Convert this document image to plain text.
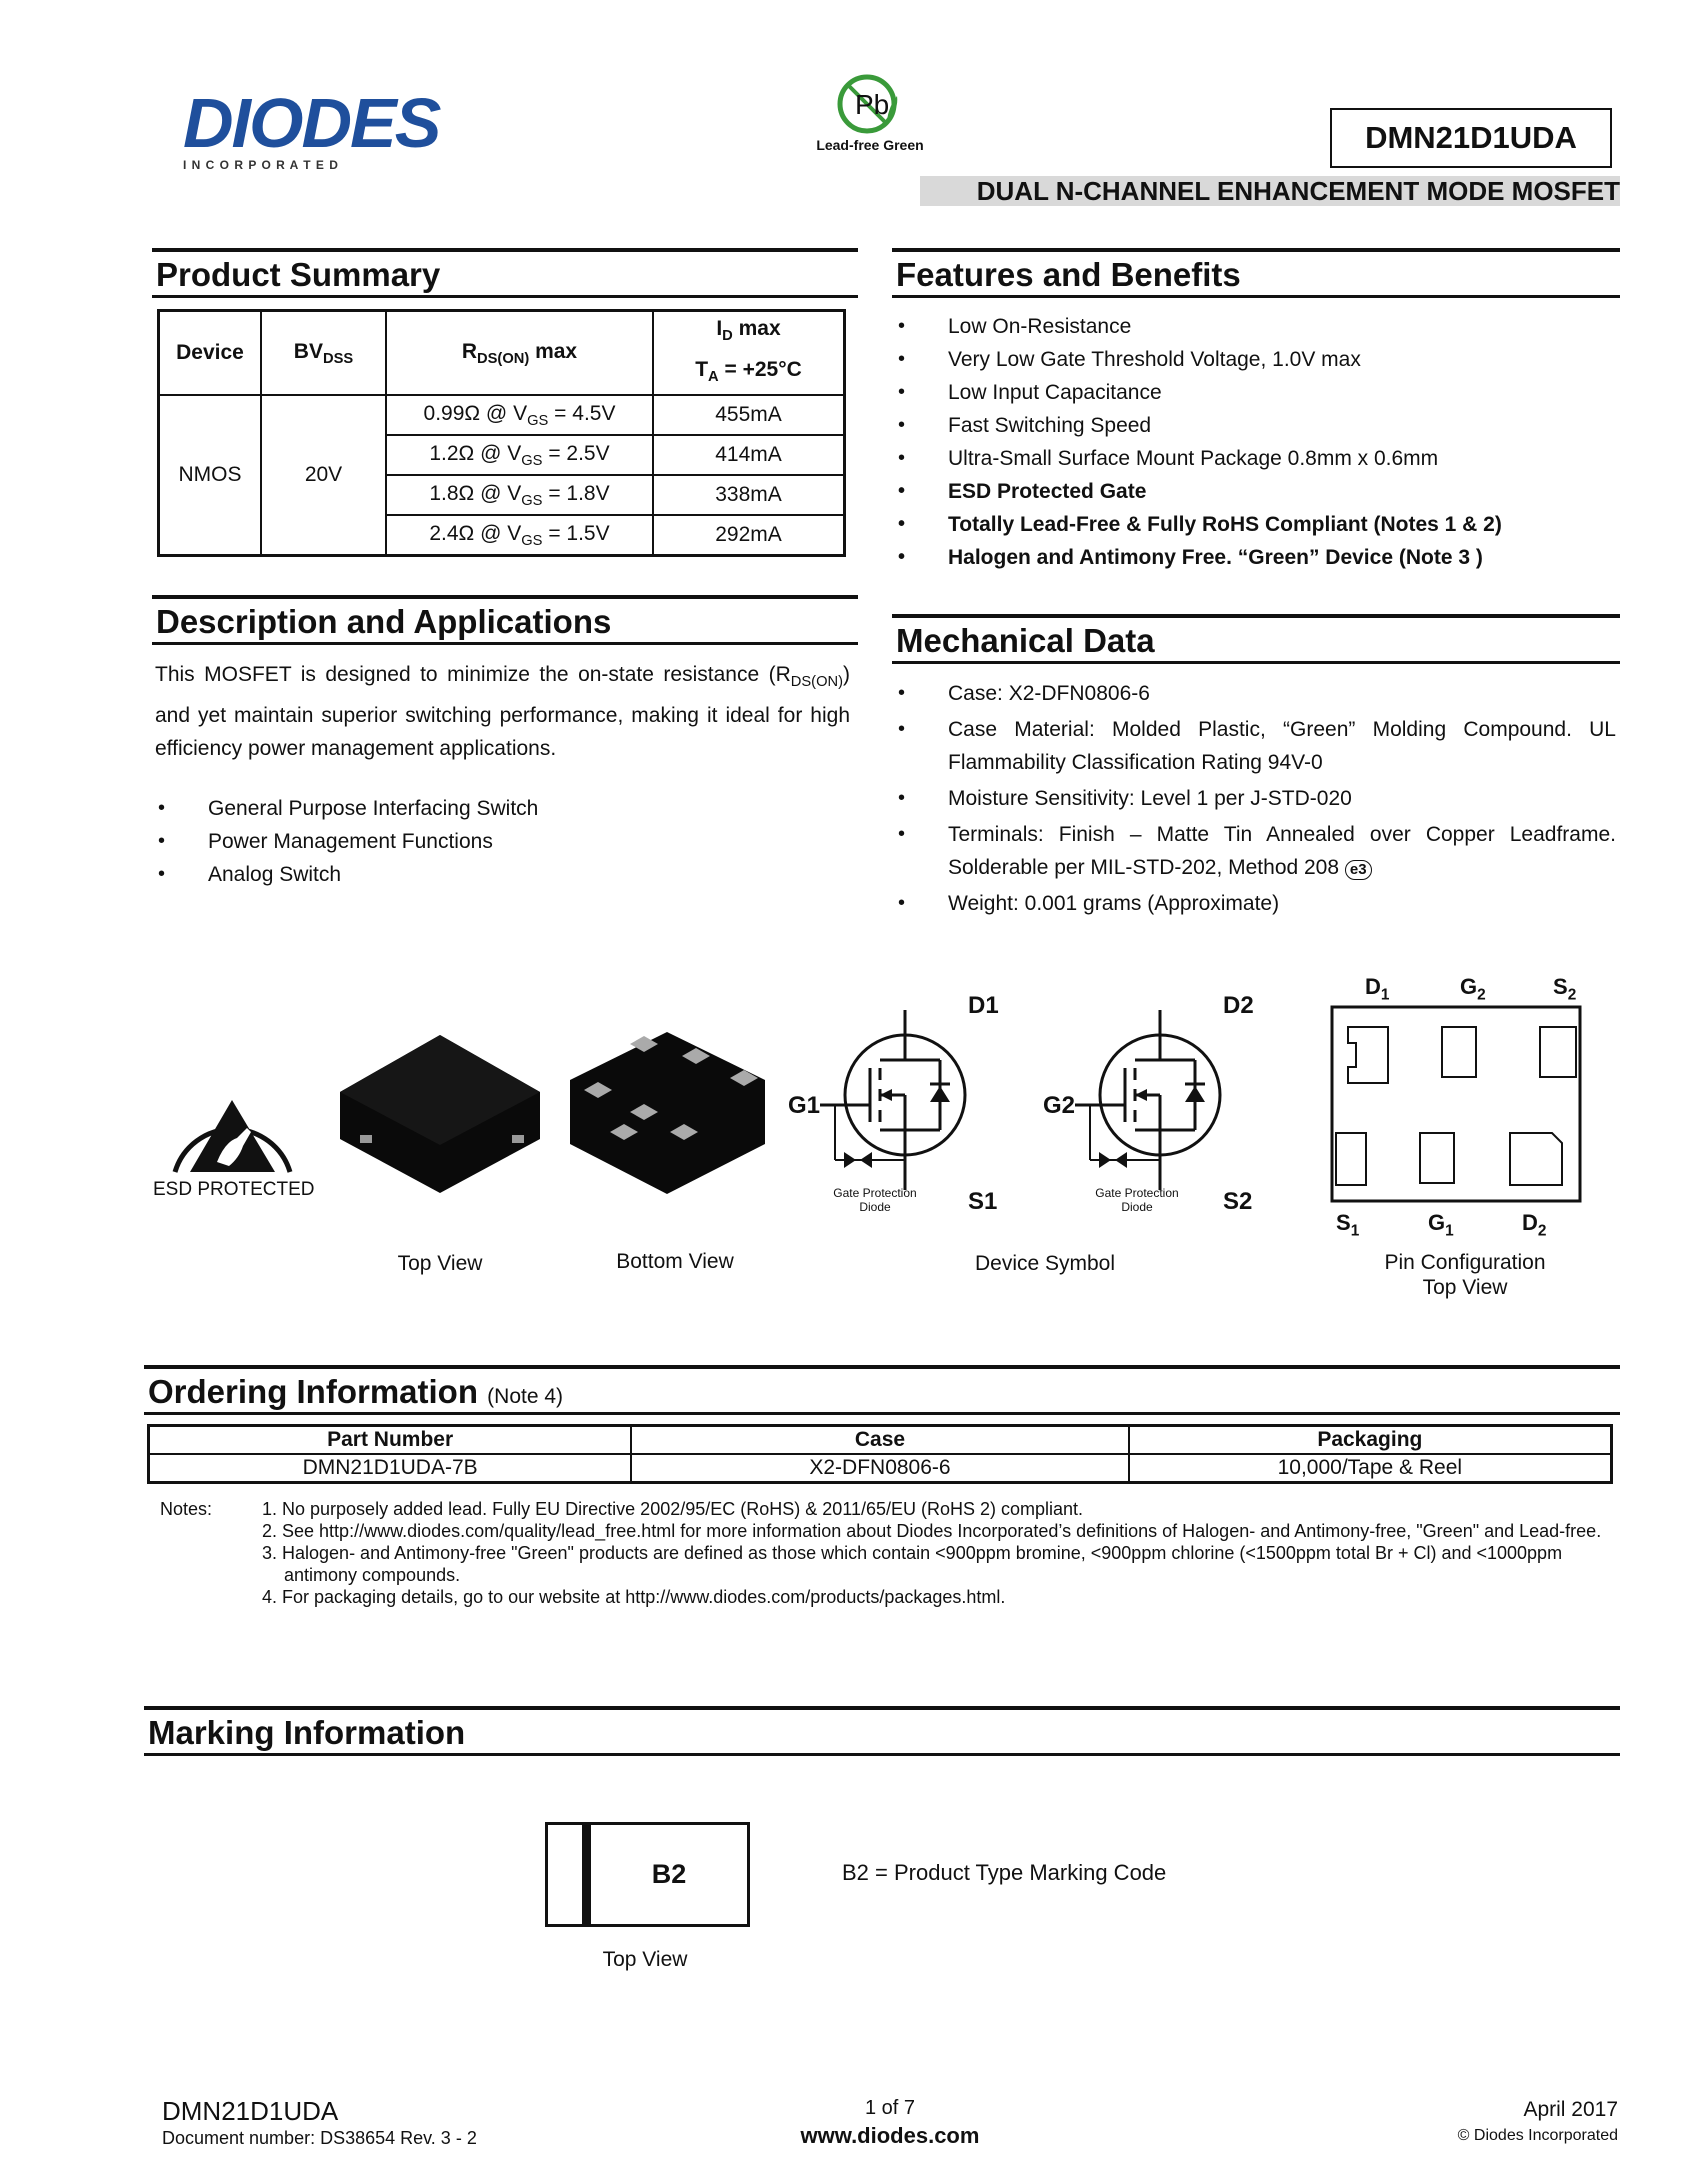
DIODES
I N C O R P O R A T E D
Pb
Lead-free Green	DMN21D1UDA
DUAL N-CHANNEL ENHANCEMENT MODE MOSFET
Product Summary
Device	$BV_{DSS}$	$R_{DS(ON)}$ max	$I_D$ max
$T_A = +25^\circ C$
NMOS	20V	0.99Ω @ $V_{GS} = 4.5V$	455mA
		1.2Ω @ $V_{GS} = 2.5V$	414mA
		1.8Ω @ $V_{GS} = 1.8V$	338mA
		2.4Ω @ $V_{GS} = 1.5V$	292mA
Features and Benefits
• Low On-Resistance
• Very Low Gate Threshold Voltage, 1.0V max
• Low Input Capacitance
• Fast Switching Speed
• Ultra-Small Surface Mount Package 0.8mm x 0.6mm
• ESD Protected Gate
• Totally Lead-Free & Fully RoHS Compliant (Notes 1 & 2)
• Halogen and Antimony Free. “Green” Device (Note 3 )
Description and Applications

This MOSFET is designed to minimize the on-state resistance $(R_{DS(ON)})$ and yet maintain superior switching performance, making it ideal for high efficiency power management applications.

• General Purpose Interfacing Switch
• Power Management Functions
• Analog Switch
Mechanical Data
• Case: X2-DFN0806-6
• Case Material: Molded Plastic, “Green” Molding Compound. UL Flammability Classification Rating 94V-0
• Moisture Sensitivity: Level 1 per J-STD-020
• Terminals: Finish – Matte Tin Annealed over Copper Leadframe. Solderable per MIL-STD-202, Method 208 e3
• Weight: 0.001 grams (Approximate)
ESD PROTECTED
Top View	Bottom View
D1
G1
S1
Gate Protection
Diode
D2
G2
S2
Gate Protection
Diode
Device Symbol
$D_1$	$G_2$	$S_2$
$S_1$	$G_1$	$D_2$
Pin Configuration
Top View
Ordering Information (Note 4)
Part Number	Case	Packaging
DMN21D1UDA-7B	X2-DFN0806-6	10,000/Tape & Reel
Notes:	1. No purposely added lead. Fully EU Directive 2002/95/EC (RoHS) & 2011/65/EU (RoHS 2) compliant.
2. See http://www.diodes.com/quality/lead_free.html for more information about Diodes Incorporated’s definitions of Halogen- and Antimony-free, "Green" and Lead-free.
3. Halogen- and Antimony-free "Green" products are defined as those which contain <900ppm bromine, <900ppm chlorine (<1500ppm total Br + Cl) and <1000ppm antimony compounds.
4. For packaging details, go to our website at http://www.diodes.com/products/packages.html.
Marking Information
B2
Top View
B2 = Product Type Marking Code
DMN21D1UDA
Document number: DS38654 Rev. 3 - 2
1 of 7
www.diodes.com
April 2017
© Diodes Incorporated
